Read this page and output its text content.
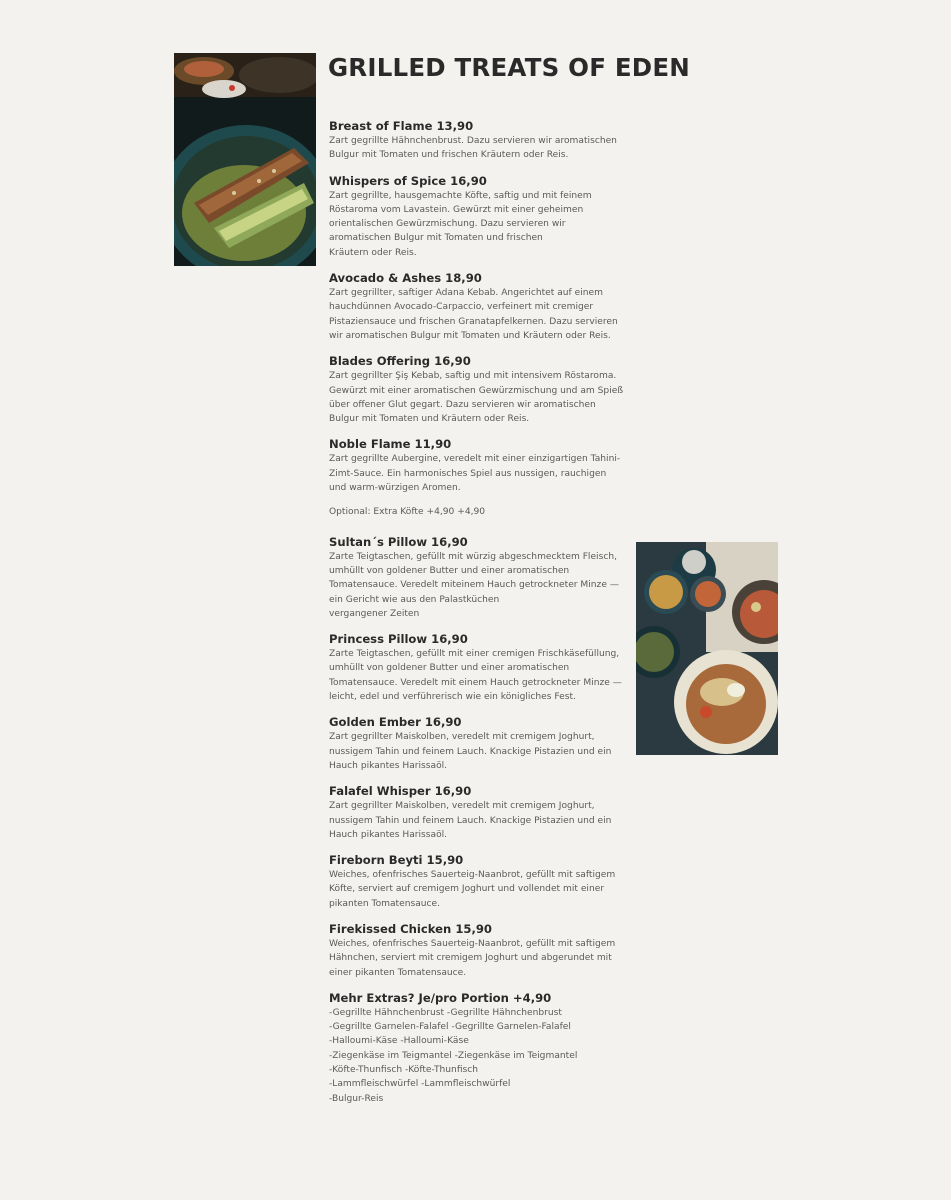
GRILLED TREATS OF EDEN
Breast of Flame 13,90
Zart gegrillte Hähnchenbrust. Dazu servieren wir aromatischen
Bulgur mit Tomaten und frischen Kräutern oder Reis.
Whispers of Spice 16,90
Zart gegrillte, hausgemachte Köfte, saftig und mit feinem
Röstaroma vom Lavastein. Gewürzt mit einer geheimen
orientalischen Gewürzmischung. Dazu servieren wir
aromatischen Bulgur mit Tomaten und frischen
Kräutern oder Reis.
Avocado & Ashes 18,90
Zart gegrillter, saftiger Adana Kebab. Angerichtet auf einem
hauchdünnen Avocado-Carpaccio, verfeinert mit cremiger
Pistaziensauce und frischen Granatapfelkernen. Dazu servieren
wir aromatischen Bulgur mit Tomaten und Kräutern oder Reis.
Blades Offering 16,90
Zart gegrillter Şiş Kebab, saftig und mit intensivem Röstaroma.
Gewürzt mit einer aromatischen Gewürzmischung und am Spieß
über offener Glut gegart. Dazu servieren wir aromatischen
Bulgur mit Tomaten und Kräutern oder Reis.
Noble Flame 11,90
Zart gegrillte Aubergine, veredelt mit einer einzigartigen Tahini-
Zimt-Sauce. Ein harmonisches Spiel aus nussigen, rauchigen
und warm-würzigen Aromen.
Optional: Extra Köfte +4,90 +4,90
Sultan´s Pillow 16,90
Zarte Teigtaschen, gefüllt mit würzig abgeschmecktem Fleisch,
umhüllt von goldener Butter und einer aromatischen
Tomatensauce. Veredelt miteinem Hauch getrockneter Minze —
ein Gericht wie aus den Palastküchen
vergangener Zeiten
Princess Pillow 16,90
Zarte Teigtaschen, gefüllt mit einer cremigen Frischkäsefüllung,
umhüllt von goldener Butter und einer aromatischen
Tomatensauce. Veredelt mit einem Hauch getrockneter Minze —
leicht, edel und verführerisch wie ein königliches Fest.
Golden Ember 16,90
Zart gegrillter Maiskolben, veredelt mit cremigem Joghurt,
nussigem Tahin und feinem Lauch. Knackige Pistazien und ein
Hauch pikantes Harissaöl.
Falafel Whisper 16,90
Zart gegrillter Maiskolben, veredelt mit cremigem Joghurt,
nussigem Tahin und feinem Lauch. Knackige Pistazien und ein
Hauch pikantes Harissaöl.
Fireborn Beyti 15,90
Weiches, ofenfrisches Sauerteig-Naanbrot, gefüllt mit saftigem
Köfte, serviert auf cremigem Joghurt und vollendet mit einer
pikanten Tomatensauce.
Firekissed Chicken 15,90
Weiches, ofenfrisches Sauerteig-Naanbrot, gefüllt mit saftigem
Hähnchen, serviert mit cremigem Joghurt und abgerundet mit
einer pikanten Tomatensauce.
Mehr Extras? Je/pro Portion +4,90
-Gegrillte Hähnchenbrust -Gegrillte Hähnchenbrust
-Gegrillte Garnelen-Falafel -Gegrillte Garnelen-Falafel
-Halloumi-Käse -Halloumi-Käse
-Ziegenkäse im Teigmantel -Ziegenkäse im Teigmantel
-Köfte-Thunfisch -Köfte-Thunfisch
-Lammfleischwürfel -Lammfleischwürfel
-Bulgur-Reis
